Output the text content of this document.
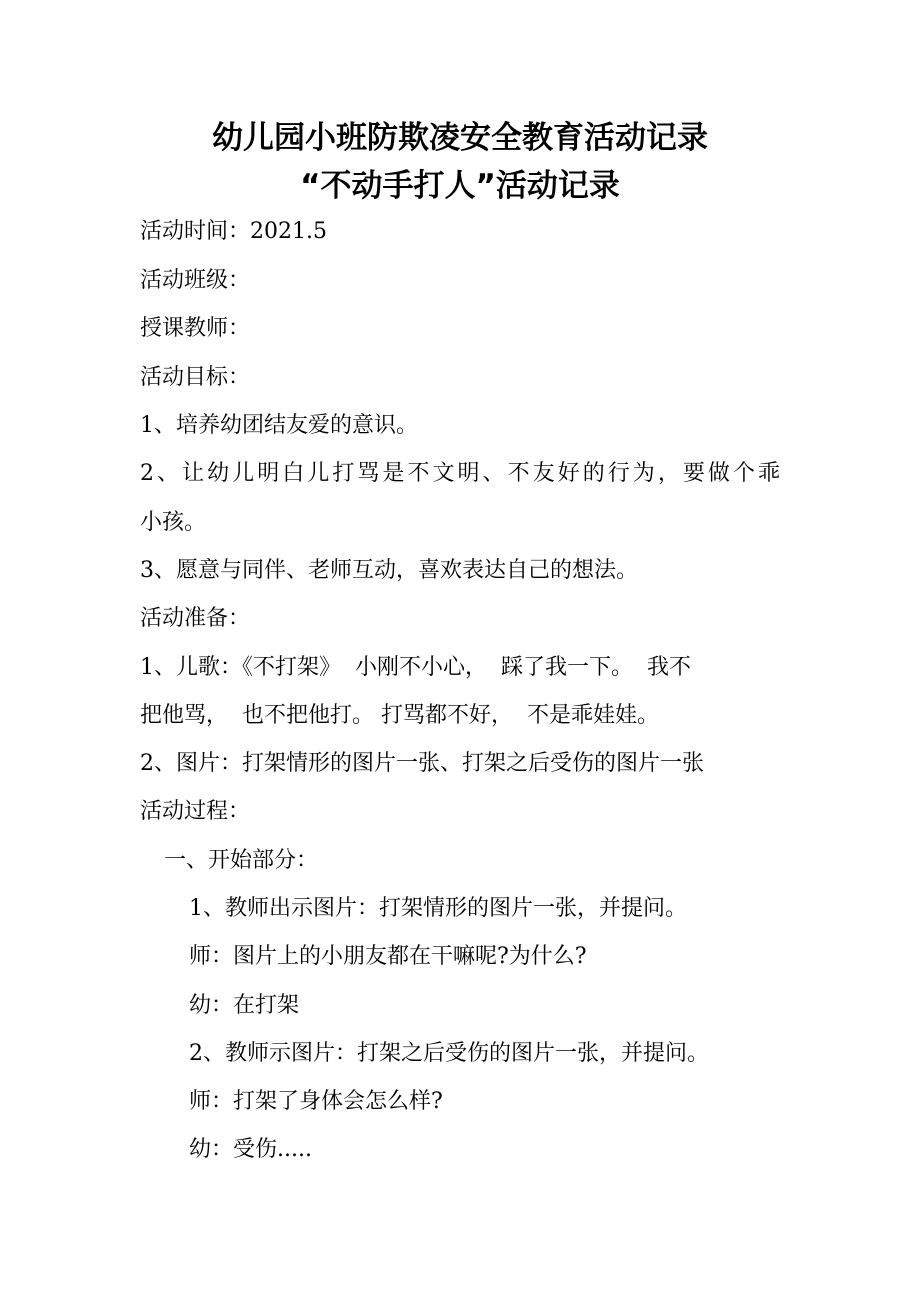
幼儿园小班防欺凌安全教育活动记录
“不动手打人”活动记录
活动时间：2021.5
活动班级：
授课教师：
活动目标：
1、培养幼团结友爱的意识。
2、让幼儿明白儿打骂是不文明、不友好的行为，要做个乖
小孩。
3、愿意与同伴、老师互动，喜欢表达自己的想法。
活动准备：
1、儿歌：《不打架》  小刚不小心，  踩了我一下。  我不
把他骂，  也不把他打。 打骂都不好，  不是乖娃娃。
2、图片：打架情形的图片一张、打架之后受伤的图片一张
活动过程：
一、开始部分：
1、教师出示图片：打架情形的图片一张，并提问。
师：图片上的小朋友都在干嘛呢?为什么?
幼：在打架
2、教师示图片：打架之后受伤的图片一张，并提问。
师：打架了身体会怎么样?
幼：受伤.....
